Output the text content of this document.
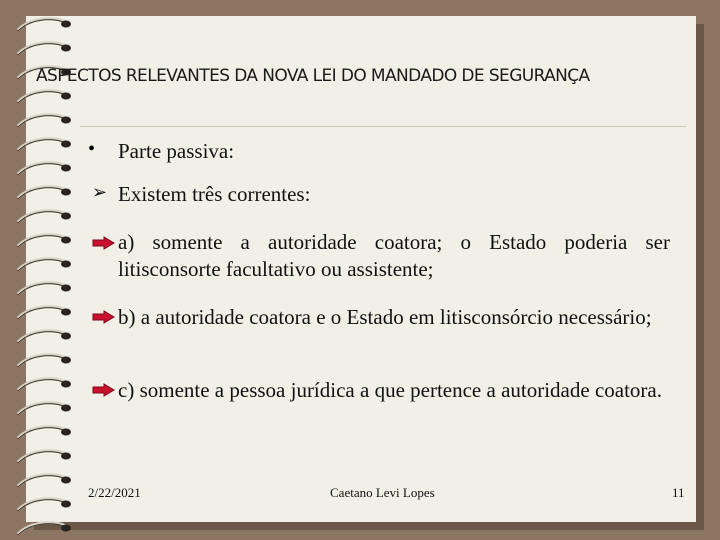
ASPECTOS RELEVANTES DA NOVA LEI DO MANDADO DE SEGURANÇA
• Parte passiva:
➢ Existem três correntes:
a) somente a autoridade coatora; o Estado poderia ser litisconsorte facultativo ou assistente;
b) a autoridade coatora e o Estado em litisconsórcio necessário;
c) somente a pessoa jurídica a que pertence a autoridade coatora.
2/22/2021	Caetano Levi Lopes	11
